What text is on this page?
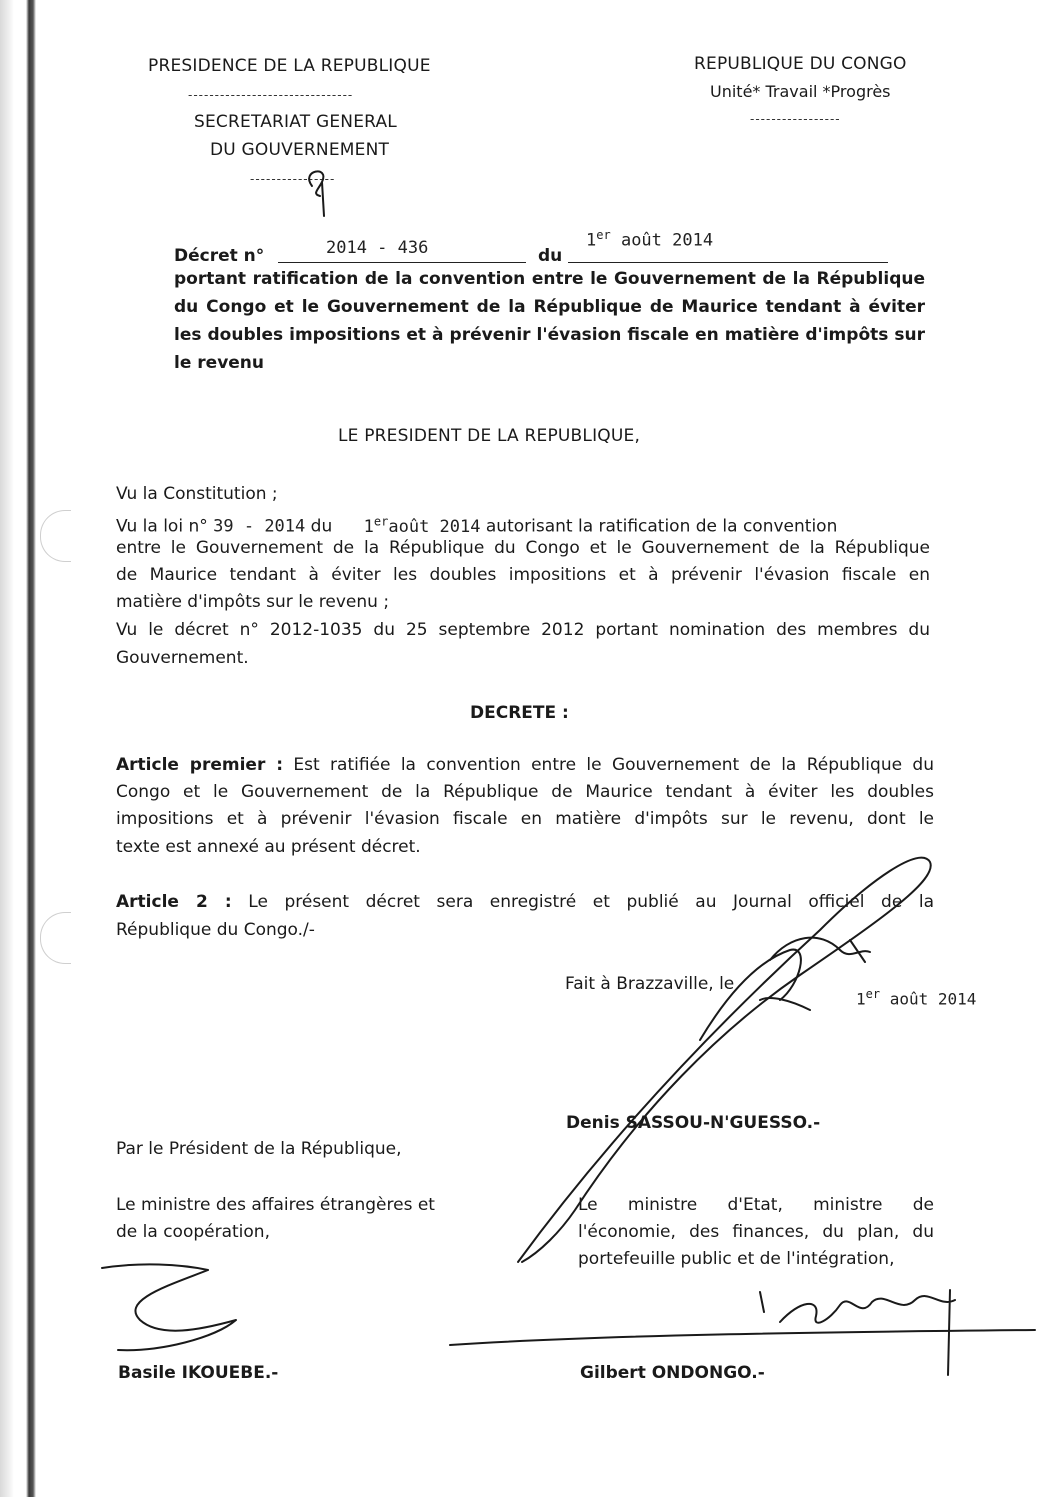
PRESIDENCE DE LA REPUBLIQUE
-------------------------------
SECRETARIAT GENERAL
DU GOUVERNEMENT
----------------
REPUBLIQUE DU CONGO
Unité* Travail *Progrès
-----------------
Décret n°	2014 - 436	du
1er août 2014
portant ratification de la convention entre le Gouvernement de la République
du Congo et le Gouvernement de la République de Maurice tendant à éviter
les doubles impositions et à prévenir l'évasion fiscale en matière d'impôts sur
le revenu
LE PRESIDENT DE LA REPUBLIQUE,
Vu la Constitution ;
Vu la loi n° 39 - 2014 du 1eraoût 2014 autorisant la ratification de la convention
entre le Gouvernement de la République du Congo et le Gouvernement de la République
de Maurice tendant à éviter les doubles impositions et à prévenir l'évasion fiscale en
matière d'impôts sur le revenu ;
Vu le décret n° 2012-1035 du 25 septembre 2012 portant nomination des membres du
Gouvernement.
DECRETE :
Article premier : Est ratifiée la convention entre le Gouvernement de la République du
Congo et le Gouvernement de la République de Maurice tendant à éviter les doubles
impositions et à prévenir l'évasion fiscale en matière d'impôts sur le revenu, dont le
texte est annexé au présent décret.
Article 2 : Le présent décret sera enregistré et publié au Journal officiel de la
République du Congo./-
Fait à Brazzaville, le
1er août 2014
Denis SASSOU-N'GUESSO.-
Par le Président de la République,
Le ministre des affaires étrangères et
de la coopération,
Basile IKOUEBE.-
Le ministre d'Etat, ministre de
l'économie, des finances, du plan, du
portefeuille public et de l'intégration,
Gilbert ONDONGO.-
